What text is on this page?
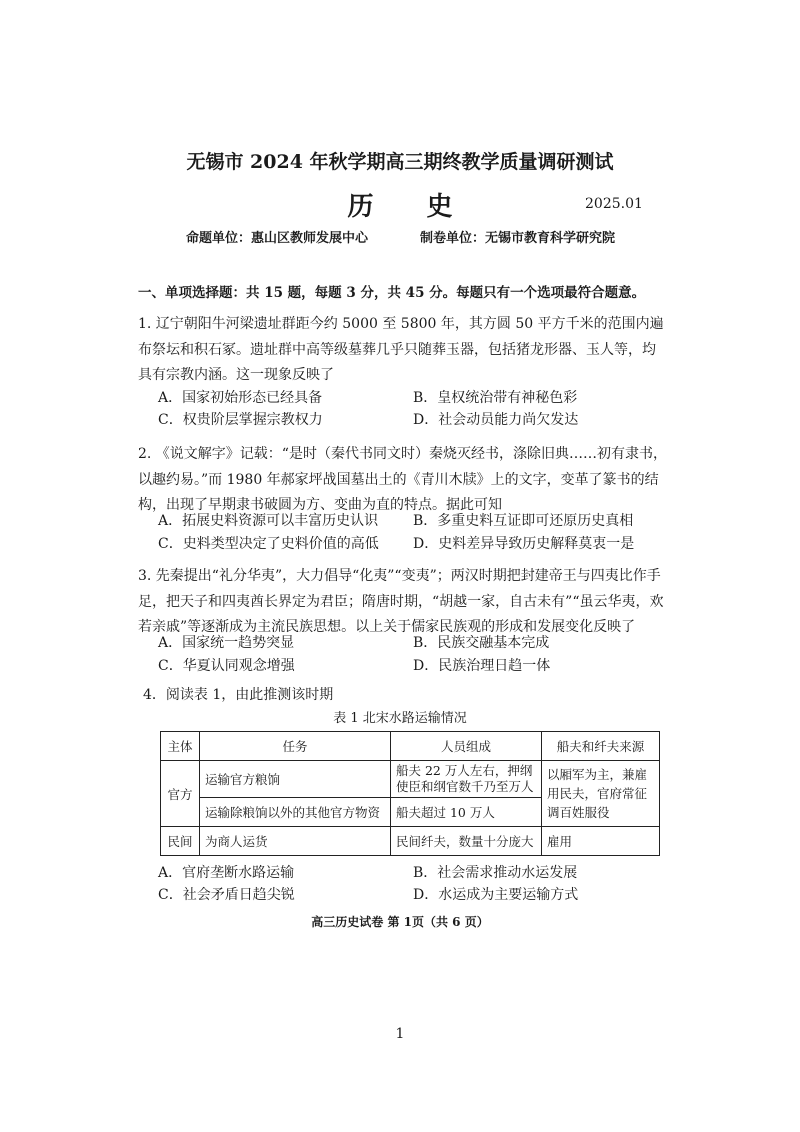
无锡市 2024 年秋学期高三期终教学质量调研测试
历 史	2025.01
命题单位：惠山区教师发展中心	制卷单位：无锡市教育科学研究院
一、单项选择题：共 15 题，每题 3 分，共 45 分。每题只有一个选项最符合题意。
1. 辽宁朝阳牛河梁遗址群距今约 5000 至 5800 年，其方圆 50 平方千米的范围内遍布祭坛和积石冢。遗址群中高等级墓葬几乎只随葬玉器，包括猪龙形器、玉人等，均具有宗教内涵。这一现象反映了
A．国家初始形态已经具备	B．皇权统治带有神秘色彩
C．权贵阶层掌握宗教权力	D．社会动员能力尚欠发达
2. 《说文解字》记载：“是时（秦代书同文时）秦烧灭经书，涤除旧典……初有隶书，以趣约易。”而 1980 年郝家坪战国墓出土的《青川木牍》上的文字，变革了篆书的结构，出现了早期隶书破圆为方、变曲为直的特点。据此可知
A．拓展史料资源可以丰富历史认识 B．多重史料互证即可还原历史真相
C．史料类型决定了史料价值的高低 D．史料差异导致历史解释莫衷一是
3. 先秦提出“礼分华夷”，大力倡导“化夷”“变夷”；两汉时期把封建帝王与四夷比作手足，把天子和四夷酋长界定为君臣；隋唐时期，“胡越一家，自古未有”“虽云华夷，欢若亲戚”等逐渐成为主流民族思想。以上关于儒家民族观的形成和发展变化反映了
A．国家统一趋势突显	B．民族交融基本完成
C．华夏认同观念增强	D．民族治理日趋一体
4．阅读表 1，由此推测该时期
表 1 北宋水路运输情况
主体	任务	人员组成	船夫和纤夫来源
官方	运输官方粮饷	船夫 22 万人左右，押纲使臣和纲官数千乃至万人	以厢军为主，兼雇用民夫，官府常征调百姓服役
	运输除粮饷以外的其他官方物资	船夫超过 10 万人	
民间	为商人运货	民间纤夫，数量十分庞大	雇用
A．官府垄断水路运输	B．社会需求推动水运发展
C．社会矛盾日趋尖锐	D．水运成为主要运输方式
高三历史试卷 第 1页（共 6 页）
1
